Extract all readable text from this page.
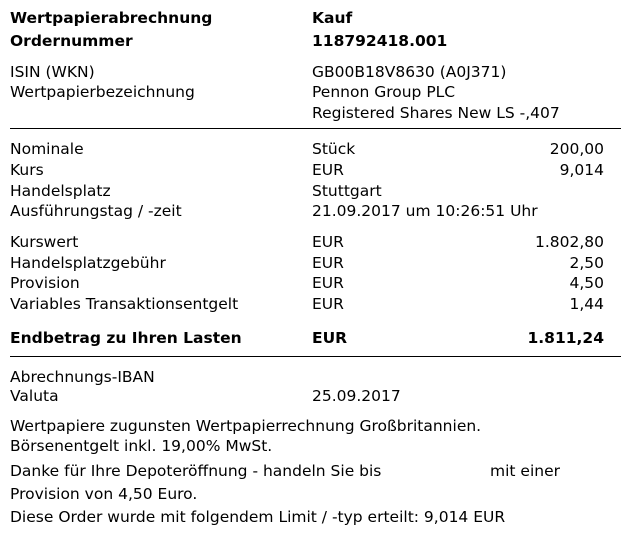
Wertpapierabrechnung	Kauf
Ordernummer	118792418.001
ISIN (WKN)	GB00B18V8630 (A0J371)
Wertpapierbezeichnung	Pennon Group PLC
Registered Shares New LS -,407
Nominale	Stück	200,00
Kurs	EUR	9,014
Handelsplatz	Stuttgart
Ausführungstag / -zeit	21.09.2017 um 10:26:51 Uhr
Kurswert	EUR	1.802,80
Handelsplatzgebühr	EUR	2,50
Provision	EUR	4,50
Variables Transaktionsentgelt	EUR	1,44
Endbetrag zu Ihren Lasten	EUR	1.811,24
Abrechnungs-IBAN
Valuta	25.09.2017
Wertpapiere zugunsten Wertpapierrechnung Großbritannien.
Börsenentgelt inkl. 19,00% MwSt.
Danke für Ihre Depoteröffnung - handeln Sie bis	mit einer
Provision von 4,50 Euro.
Diese Order wurde mit folgendem Limit / -typ erteilt: 9,014 EUR
